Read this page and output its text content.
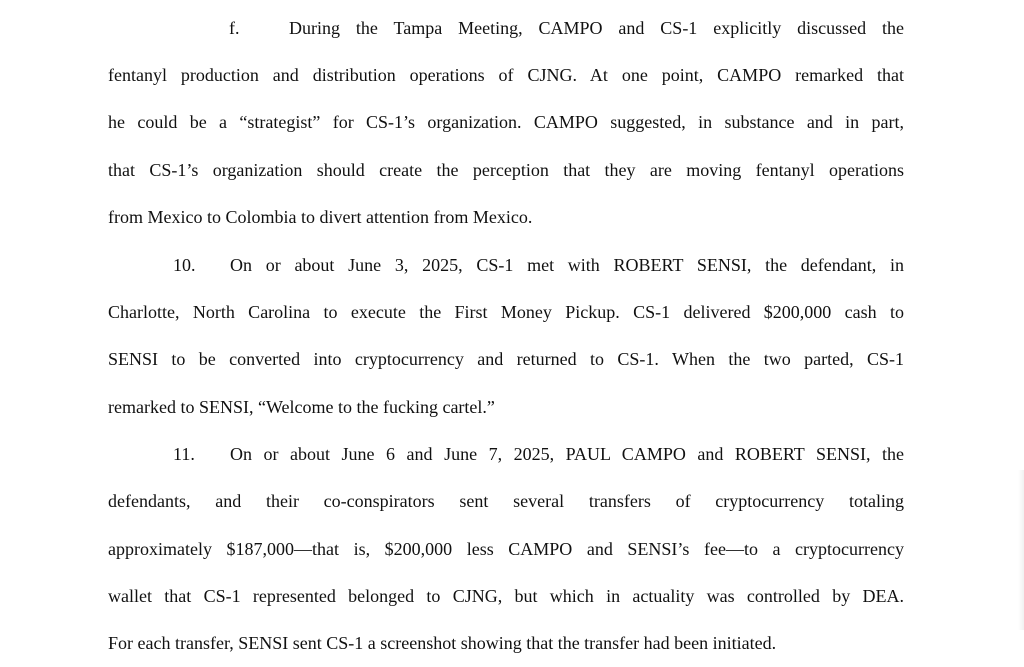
f.	During the Tampa Meeting, CAMPO and CS-1 explicitly discussed the
fentanyl production and distribution operations of CJNG. At one point, CAMPO remarked that
he could be a “strategist” for CS-1’s organization. CAMPO suggested, in substance and in part,
that CS-1’s organization should create the perception that they are moving fentanyl operations
from Mexico to Colombia to divert attention from Mexico.
10. On or about June 3, 2025, CS-1 met with ROBERT SENSI, the defendant, in
Charlotte, North Carolina to execute the First Money Pickup. CS-1 delivered $200,000 cash to
SENSI to be converted into cryptocurrency and returned to CS-1. When the two parted, CS-1
remarked to SENSI, “Welcome to the fucking cartel.”
11. On or about June 6 and June 7, 2025, PAUL CAMPO and ROBERT SENSI, the
defendants, and their co-conspirators sent several transfers of cryptocurrency totaling
approximately $187,000—that is, $200,000 less CAMPO and SENSI’s fee—to a cryptocurrency
wallet that CS-1 represented belonged to CJNG, but which in actuality was controlled by DEA.
For each transfer, SENSI sent CS-1 a screenshot showing that the transfer had been initiated.
